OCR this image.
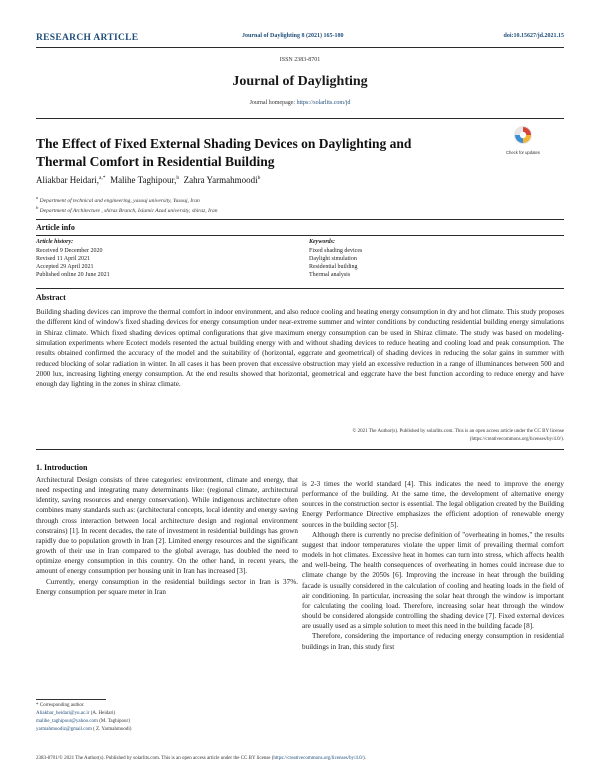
RESEARCH ARTICLE	Journal of Daylighting 8 (2021) 165-180	doi:10.15627/jd.2021.15
ISSN 2383-8701
Journal of Daylighting
Journal homepage: https://solarlits.com/jd
The Effect of Fixed External Shading Devices on Daylighting and
Thermal Comfort in Residential Building
Check for updates
Aliakbar Heidari,$^{a,*}$ Malihe Taghipour,$^b$ Zahra Yarmahmoodi$^b$
$^a$ Department of technical and engineering, yasouj university, Yasouj, Iran
$^b$ Department of Architecture , shiraz Branch, Islamic Azad university, shiraz, Iran
Article info
Article history:
Received 9 December 2020
Revised 11 April 2021
Accepted 29 April 2021
Published online 20 June 2021
Keywords:
Fixed shading devices
Daylight simulation
Residential building
Thermal analysis
Abstract
Building shading devices can improve the thermal comfort in indoor environment, and also reduce cooling and heating energy consumption in dry and hot climate. This study proposes the different kind of window's fixed shading devices for energy consumption under near-extreme summer and winter conditions by conducting residential building energy simulations in Shiraz climate. Which fixed shading devices optimal configurations that give maximum energy consumption can be used in Shiraz climate. The study was based on modeling-simulation experiments where Ecotect models resented the actual building energy with and without shading devices to reduce heating and cooling load and peak consumption. The results obtained confirmed the accuracy of the model and the suitability of (horizontal, eggcrate and geometrical) of shading devices in reducing the solar gains in summer with reduced blocking of solar radiation in winter. In all cases it has been proven that excessive obstruction may yield an excessive reduction in a range of illuminances between 500 and 2000 lux, increasing lighting energy consumption. At the end results showed that horizontal, geometrical and eggcrate have the best function according to reduce energy and have enough day lighting in the zones in shiraz climate.
© 2021 The Author(s). Published by solarlits.com. This is an open access article under the CC BY license
(https://creativecommons.org/licenses/by/4.0/).
1. Introduction

Architectural Design consists of three categories: environment, climate and energy, that need respecting and integrating many determinants like: (regional climate, architectural identity, saving resources and energy conservation). While indigenous architecture often combines many standards such as: (architectural concepts, local identity and energy saving through cross interaction between local architecture design and regional environment constrains) [1]. In recent decades, the rate of investment in residential buildings has grown rapidly due to population growth in Iran [2]. Limited energy resources and the significant growth of their use in Iran compared to the global average, has doubled the need to optimize energy consumption in this country. On the other hand, in recent years, the amount of energy consumption per housing unit in Iran has increased [3].

Currently, energy consumption in the residential buildings sector in Iran is 37%. Energy consumption per square meter in Iran

is 2-3 times the world standard [4]. This indicates the need to improve the energy performance of the building. At the same time, the development of alternative energy sources in the construction sector is essential. The legal obligation created by the Building Energy Performance Directive emphasizes the efficient adoption of renewable energy sources in the building sector [5].

Although there is currently no precise definition of "overheating in homes," the results suggest that indoor temperatures violate the upper limit of prevailing thermal comfort models in hot climates. Excessive heat in homes can turn into stress, which affects health and well-being. The health consequences of overheating in homes could increase due to climate change by the 2050s [6]. Improving the increase in heat through the building facade is usually considered in the calculation of cooling and heating loads in the field of air conditioning. In particular, increasing the solar heat through the window is important for calculating the cooling load. Therefore, increasing solar heat through the window should be considered alongside controlling the shading device [7]. Fixed external devices are usually used as a simple solution to meet this need in the building facade [8].

Therefore, considering the importance of reducing energy consumption in residential buildings in Iran, this study first

* Corresponding author.
Aliakbar_heidari@yu.ac.ir (A. Heidari)
malihe_taghipour@yahoo.com (M. Taghipour)
yarmahmoodiz@gmail.com ( Z. Yarmahmoodi)
2383-8701/© 2021 The Author(s). Published by solarlits.com. This is an open access article under the CC BY license (https://creativecommons.org/licenses/by/4.0/).
